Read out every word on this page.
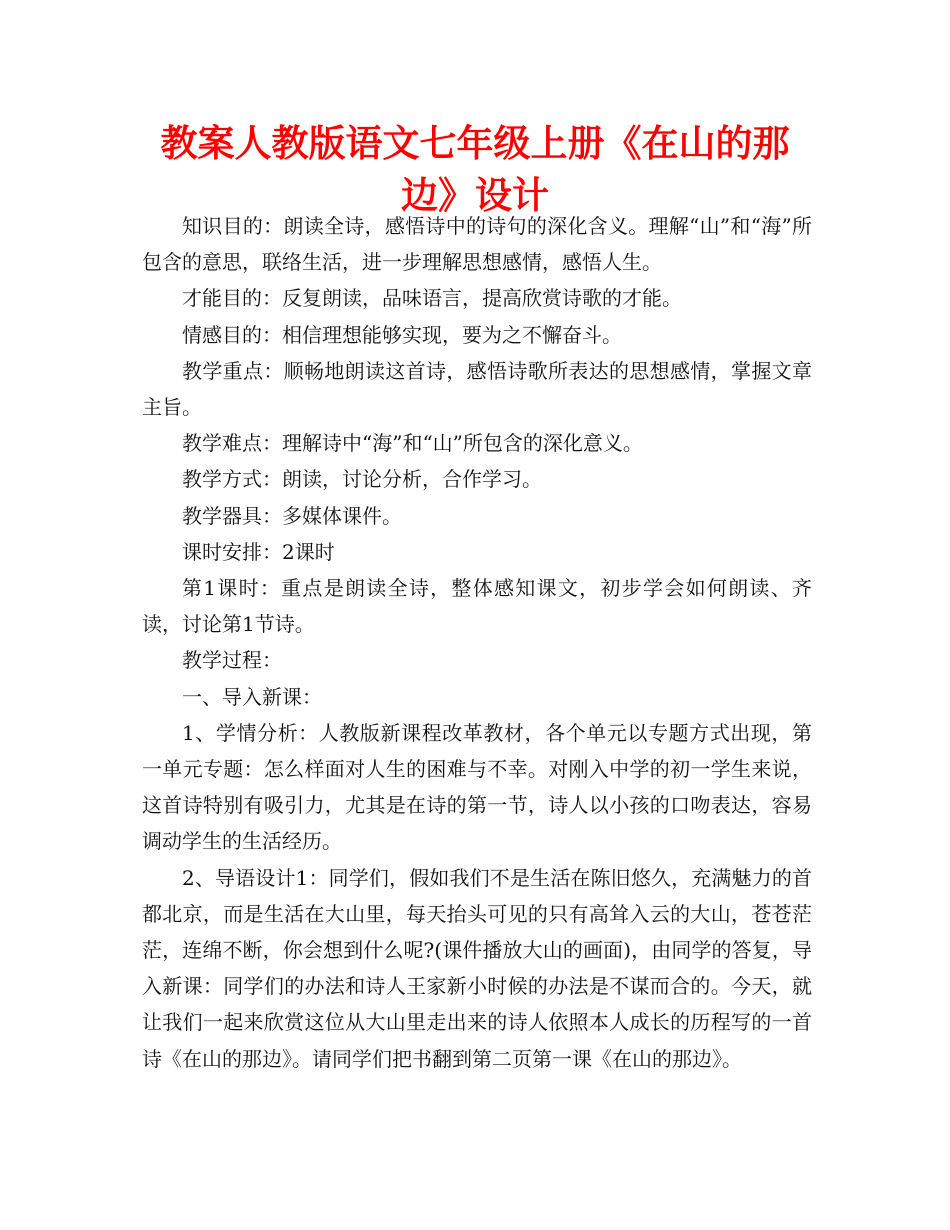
教案人教版语文七年级上册《在山的那边》设计

知识目的：朗读全诗，感悟诗中的诗句的深化含义。理解“山”和“海”所包含的意思，联络生活，进一步理解思想感情，感悟人生。

才能目的：反复朗读，品味语言，提高欣赏诗歌的才能。

情感目的：相信理想能够实现，要为之不懈奋斗。

教学重点：顺畅地朗读这首诗，感悟诗歌所表达的思想感情，掌握文章主旨。

教学难点：理解诗中“海”和“山”所包含的深化意义。

教学方式：朗读，讨论分析，合作学习。

教学器具：多媒体课件。

课时安排：2课时

第1课时：重点是朗读全诗，整体感知课文，初步学会如何朗读、齐读，讨论第1节诗。

教学过程：

一、导入新课：

1、学情分析：人教版新课程改革教材，各个单元以专题方式出现，第一单元专题：怎么样面对人生的困难与不幸。对刚入中学的初一学生来说，这首诗特别有吸引力，尤其是在诗的第一节，诗人以小孩的口吻表达，容易调动学生的生活经历。

2、导语设计1：同学们，假如我们不是生活在陈旧悠久，充满魅力的首都北京，而是生活在大山里，每天抬头可见的只有高耸入云的大山，苍苍茫茫，连绵不断，你会想到什么呢?(课件播放大山的画面)，由同学的答复，导入新课：同学们的办法和诗人王家新小时候的办法是不谋而合的。今天，就让我们一起来欣赏这位从大山里走出来的诗人依照本人成长的历程写的一首诗《在山的那边》。请同学们把书翻到第二页第一课《在山的那边》。
